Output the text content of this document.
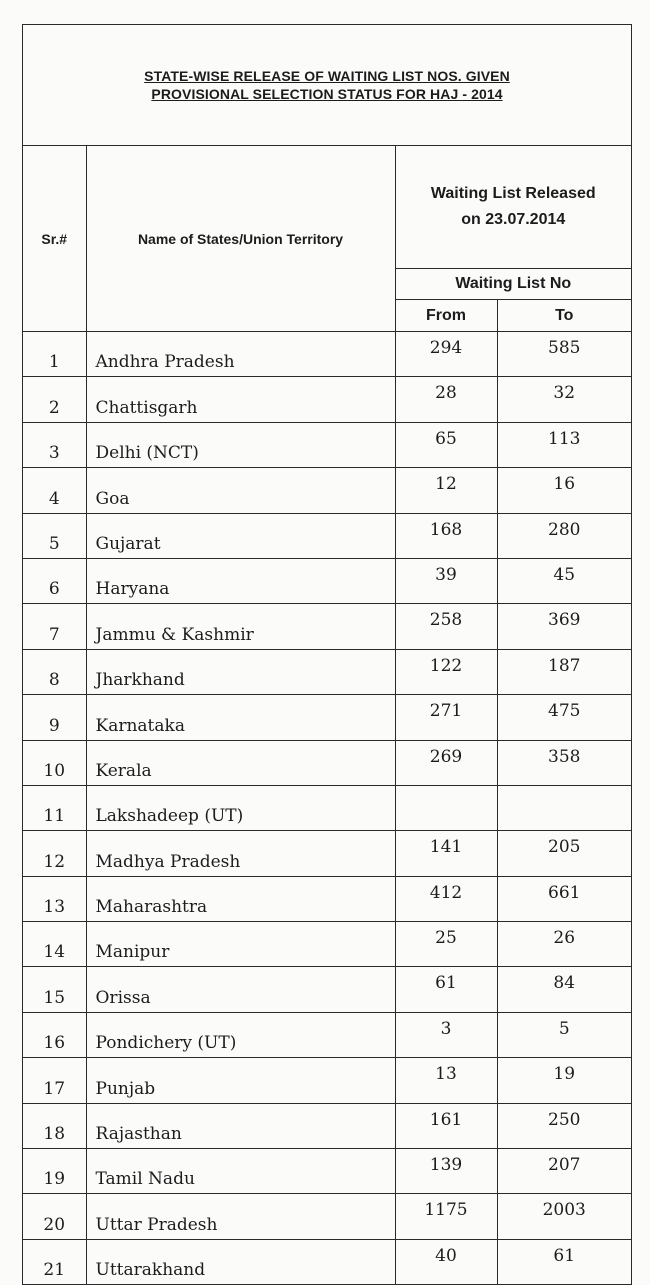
STATE-WISE RELEASE OF WAITING LIST NOS. GIVEN
PROVISIONAL SELECTION STATUS FOR HAJ - 2014
Sr.#	Name of States/Union Territory	Waiting List Released
on 23.07.2014	

		Waiting List No	
		From	To
1	Andhra Pradesh	294	585
2	Chattisgarh	28	32
3	Delhi (NCT)	65	113
4	Goa	12	16
5	Gujarat	168	280
6	Haryana	39	45
7	Jammu & Kashmir	258	369
8	Jharkhand	122	187
9	Karnataka	271	475
10	Kerala	269	358
11	Lakshadeep (UT)		
12	Madhya Pradesh	141	205
13	Maharashtra	412	661
14	Manipur	25	26
15	Orissa	61	84
16	Pondichery (UT)	3	5
17	Punjab	13	19
18	Rajasthan	161	250
19	Tamil Nadu	139	207
20	Uttar Pradesh	1175	2003
21	Uttarakhand	40	61
